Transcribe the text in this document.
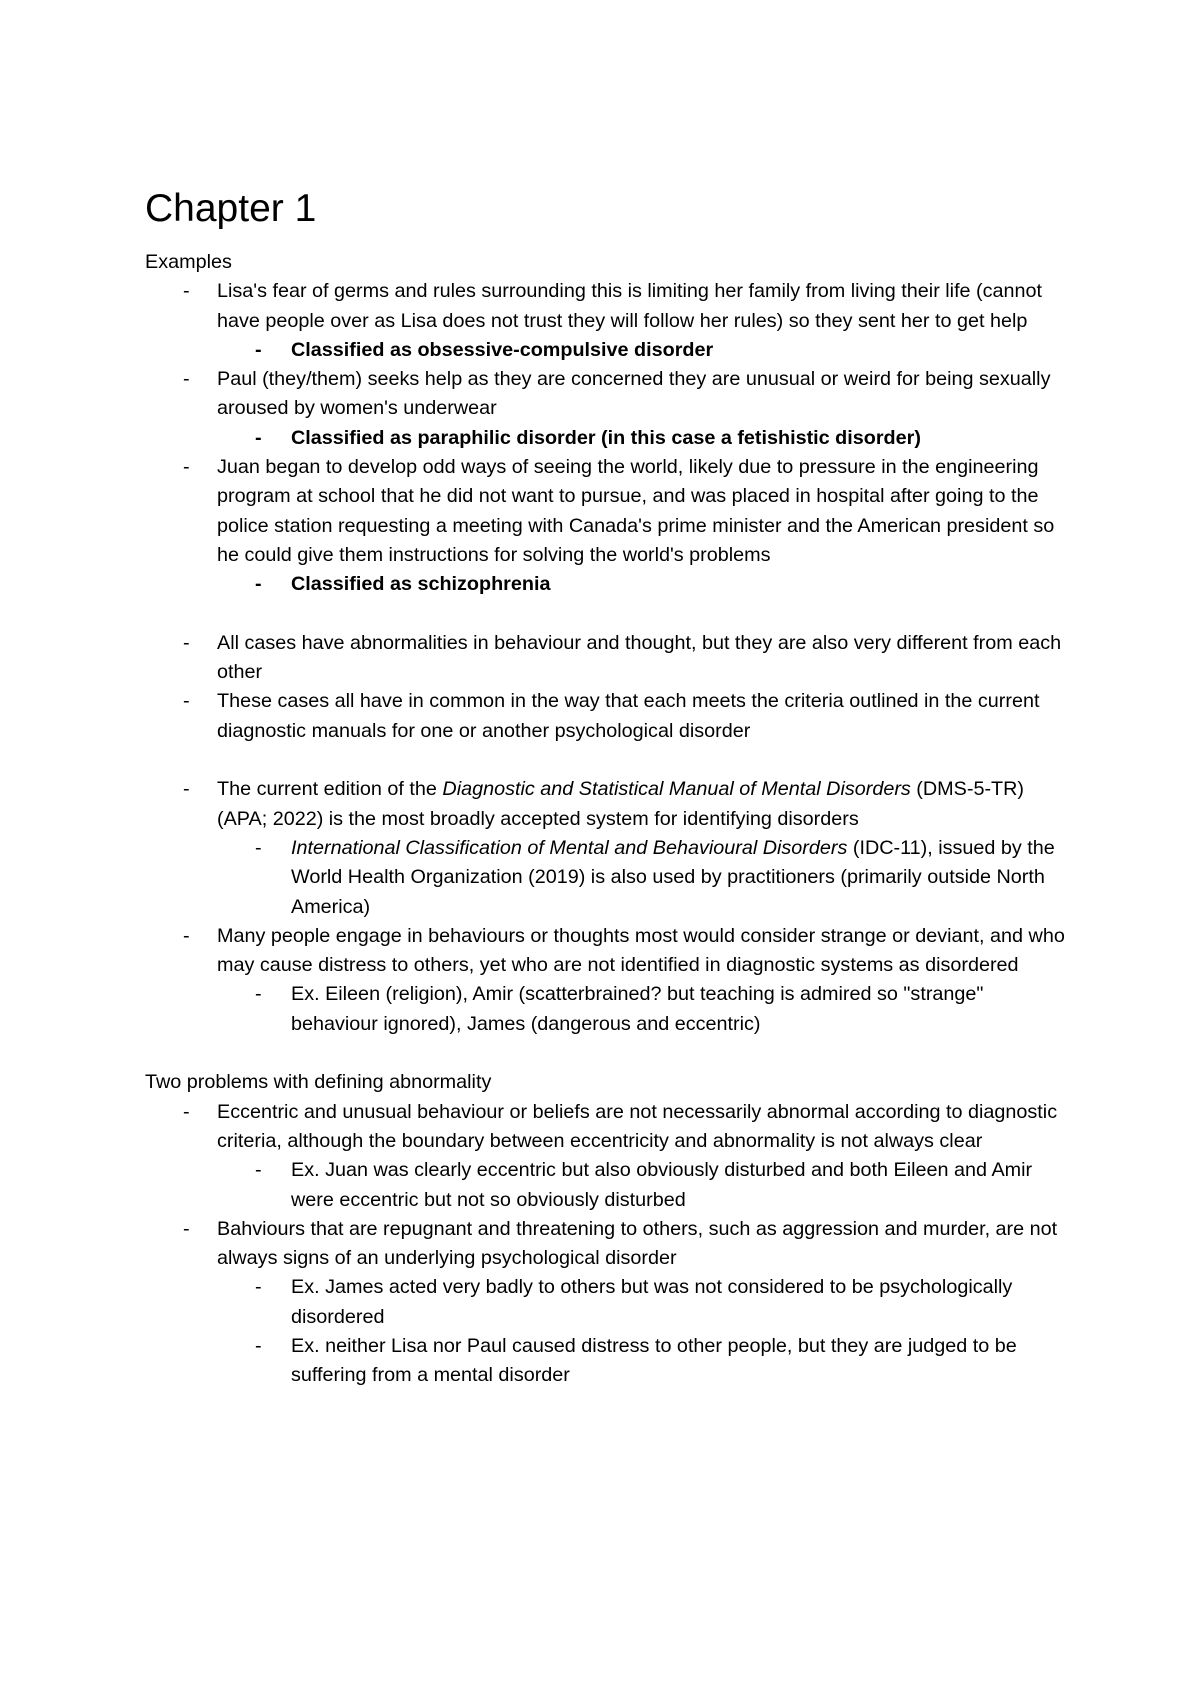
Chapter 1

Examples

- Lisa's fear of germs and rules surrounding this is limiting her family from living their life (cannot have people over as Lisa does not trust they will follow her rules) so they sent her to get help
- Classified as obsessive-compulsive disorder
- Paul (they/them) seeks help as they are concerned they are unusual or weird for being sexually aroused by women's underwear
- Classified as paraphilic disorder (in this case a fetishistic disorder)
- Juan began to develop odd ways of seeing the world, likely due to pressure in the engineering program at school that he did not want to pursue, and was placed in hospital after going to the police station requesting a meeting with Canada's prime minister and the American president so he could give them instructions for solving the world's problems
- Classified as schizophrenia
- All cases have abnormalities in behaviour and thought, but they are also very different from each other
- These cases all have in common in the way that each meets the criteria outlined in the current diagnostic manuals for one or another psychological disorder
- The current edition of the Diagnostic and Statistical Manual of Mental Disorders (DMS-5-TR) (APA; 2022) is the most broadly accepted system for identifying disorders
- International Classification of Mental and Behavioural Disorders (IDC-11), issued by the World Health Organization (2019) is also used by practitioners (primarily outside North America)
- Many people engage in behaviours or thoughts most would consider strange or deviant, and who may cause distress to others, yet who are not identified in diagnostic systems as disordered
- Ex. Eileen (religion), Amir (scatterbrained? but teaching is admired so "strange" behaviour ignored), James (dangerous and eccentric)

Two problems with defining abnormality

- Eccentric and unusual behaviour or beliefs are not necessarily abnormal according to diagnostic criteria, although the boundary between eccentricity and abnormality is not always clear
- Ex. Juan was clearly eccentric but also obviously disturbed and both Eileen and Amir were eccentric but not so obviously disturbed
- Bahviours that are repugnant and threatening to others, such as aggression and murder, are not always signs of an underlying psychological disorder
- Ex. James acted very badly to others but was not considered to be psychologically disordered
- Ex. neither Lisa nor Paul caused distress to other people, but they are judged to be suffering from a mental disorder
